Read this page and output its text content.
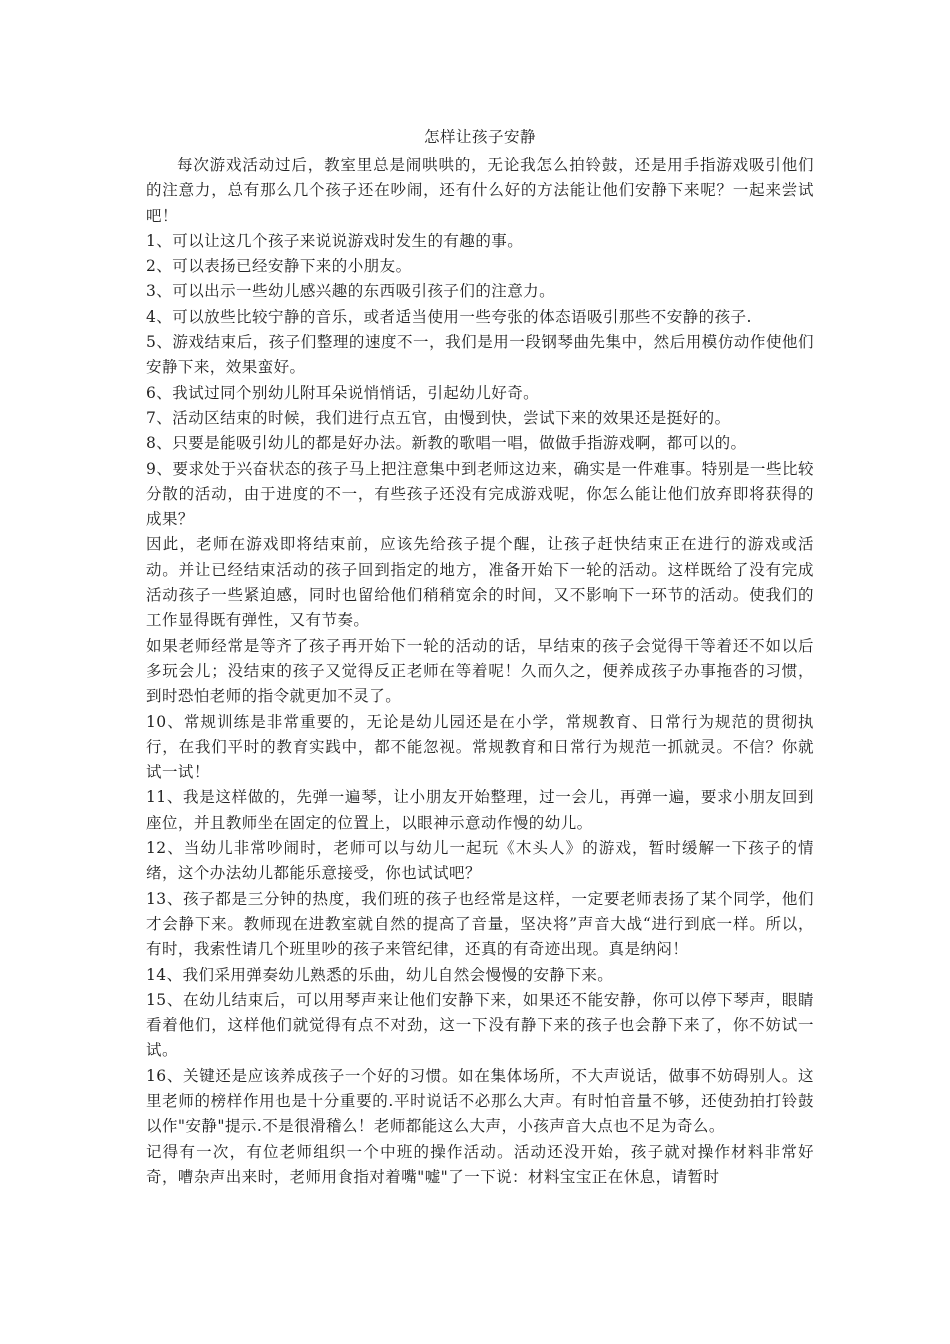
怎样让孩子安静

每次游戏活动过后，教室里总是闹哄哄的，无论我怎么拍铃鼓，还是用手指游戏吸引他们的注意力，总有那么几个孩子还在吵闹，还有什么好的方法能让他们安静下来呢？一起来尝试吧！

1、可以让这几个孩子来说说游戏时发生的有趣的事。

2、可以表扬已经安静下来的小朋友。

3、可以出示一些幼儿感兴趣的东西吸引孩子们的注意力。

4、可以放些比较宁静的音乐，或者适当使用一些夸张的体态语吸引那些不安静的孩子.

5、游戏结束后，孩子们整理的速度不一，我们是用一段钢琴曲先集中，然后用模仿动作使他们安静下来，效果蛮好。

6、我试过同个别幼儿附耳朵说悄悄话，引起幼儿好奇。

7、活动区结束的时候，我们进行点五官，由慢到快，尝试下来的效果还是挺好的。

8、只要是能吸引幼儿的都是好办法。新教的歌唱一唱，做做手指游戏啊，都可以的。

9、要求处于兴奋状态的孩子马上把注意集中到老师这边来，确实是一件难事。特别是一些比较分散的活动，由于进度的不一，有些孩子还没有完成游戏呢，你怎么能让他们放弃即将获得的成果？

因此，老师在游戏即将结束前，应该先给孩子提个醒，让孩子赶快结束正在进行的游戏或活动。并让已经结束活动的孩子回到指定的地方，准备开始下一轮的活动。这样既给了没有完成活动孩子一些紧迫感，同时也留给他们稍稍宽余的时间，又不影响下一环节的活动。使我们的工作显得既有弹性，又有节奏。

如果老师经常是等齐了孩子再开始下一轮的活动的话，早结束的孩子会觉得干等着还不如以后多玩会儿；没结束的孩子又觉得反正老师在等着呢！久而久之，便养成孩子办事拖沓的习惯，到时恐怕老师的指令就更加不灵了。

10、常规训练是非常重要的，无论是幼儿园还是在小学，常规教育、日常行为规范的贯彻执行，在我们平时的教育实践中，都不能忽视。常规教育和日常行为规范一抓就灵。不信？你就试一试！

11、我是这样做的，先弹一遍琴，让小朋友开始整理，过一会儿，再弹一遍，要求小朋友回到座位，并且教师坐在固定的位置上，以眼神示意动作慢的幼儿。

12、当幼儿非常吵闹时，老师可以与幼儿一起玩《木头人》的游戏，暂时缓解一下孩子的情绪，这个办法幼儿都能乐意接受，你也试试吧？

13、孩子都是三分钟的热度，我们班的孩子也经常是这样，一定要老师表扬了某个同学，他们才会静下来。教师现在进教室就自然的提高了音量，坚决将”声音大战“进行到底一样。所以，有时，我索性请几个班里吵的孩子来管纪律，还真的有奇迹出现。真是纳闷！

14、我们采用弹奏幼儿熟悉的乐曲，幼儿自然会慢慢的安静下来。

15、在幼儿结束后，可以用琴声来让他们安静下来，如果还不能安静，你可以停下琴声，眼睛看着他们，这样他们就觉得有点不对劲，这一下没有静下来的孩子也会静下来了，你不妨试一试。

16、关键还是应该养成孩子一个好的习惯。如在集体场所，不大声说话，做事不妨碍别人。这里老师的榜样作用也是十分重要的.平时说话不必那么大声。有时怕音量不够，还使劲拍打铃鼓以作"安静"提示.不是很滑稽么！老师都能这么大声，小孩声音大点也不足为奇么。

记得有一次，有位老师组织一个中班的操作活动。活动还没开始，孩子就对操作材料非常好奇，嘈杂声出来时，老师用食指对着嘴"嘘"了一下说：材料宝宝正在休息，请暂时
